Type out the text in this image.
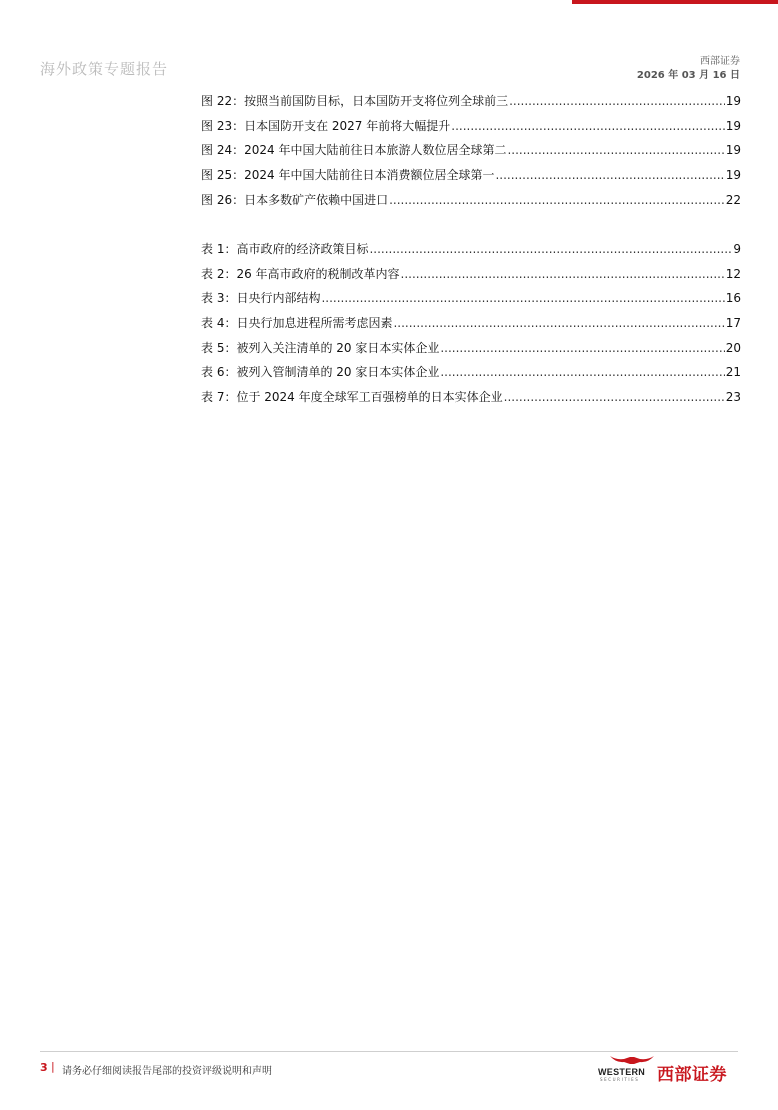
海外政策专题报告	西部证券
2026 年 03 月 16 日
图 22：按照当前国防目标，日本国防开支将位列全球前三 .....	19
图 23：日本国防开支在 2027 年前将大幅提升 .....	19
图 24：2024 年中国大陆前往日本旅游人数位居全球第二 .....	19
图 25：2024 年中国大陆前往日本消费额位居全球第一 .....	19
图 26：日本多数矿产依赖中国进口 .....	22
表 1：高市政府的经济政策目标 .....	9
表 2：26 年高市政府的税制改革内容 .....	12
表 3：日央行内部结构 .....	16
表 4：日央行加息进程所需考虑因素 .....	17
表 5：被列入关注清单的 20 家日本实体企业 .....	20
表 6：被列入管制清单的 20 家日本实体企业 .....	21
表 7：位于 2024 年度全球军工百强榜单的日本实体企业 .....	23
3 | 请务必仔细阅读报告尾部的投资评级说明和声明	WESTERN
SECURITIES 西部证券
